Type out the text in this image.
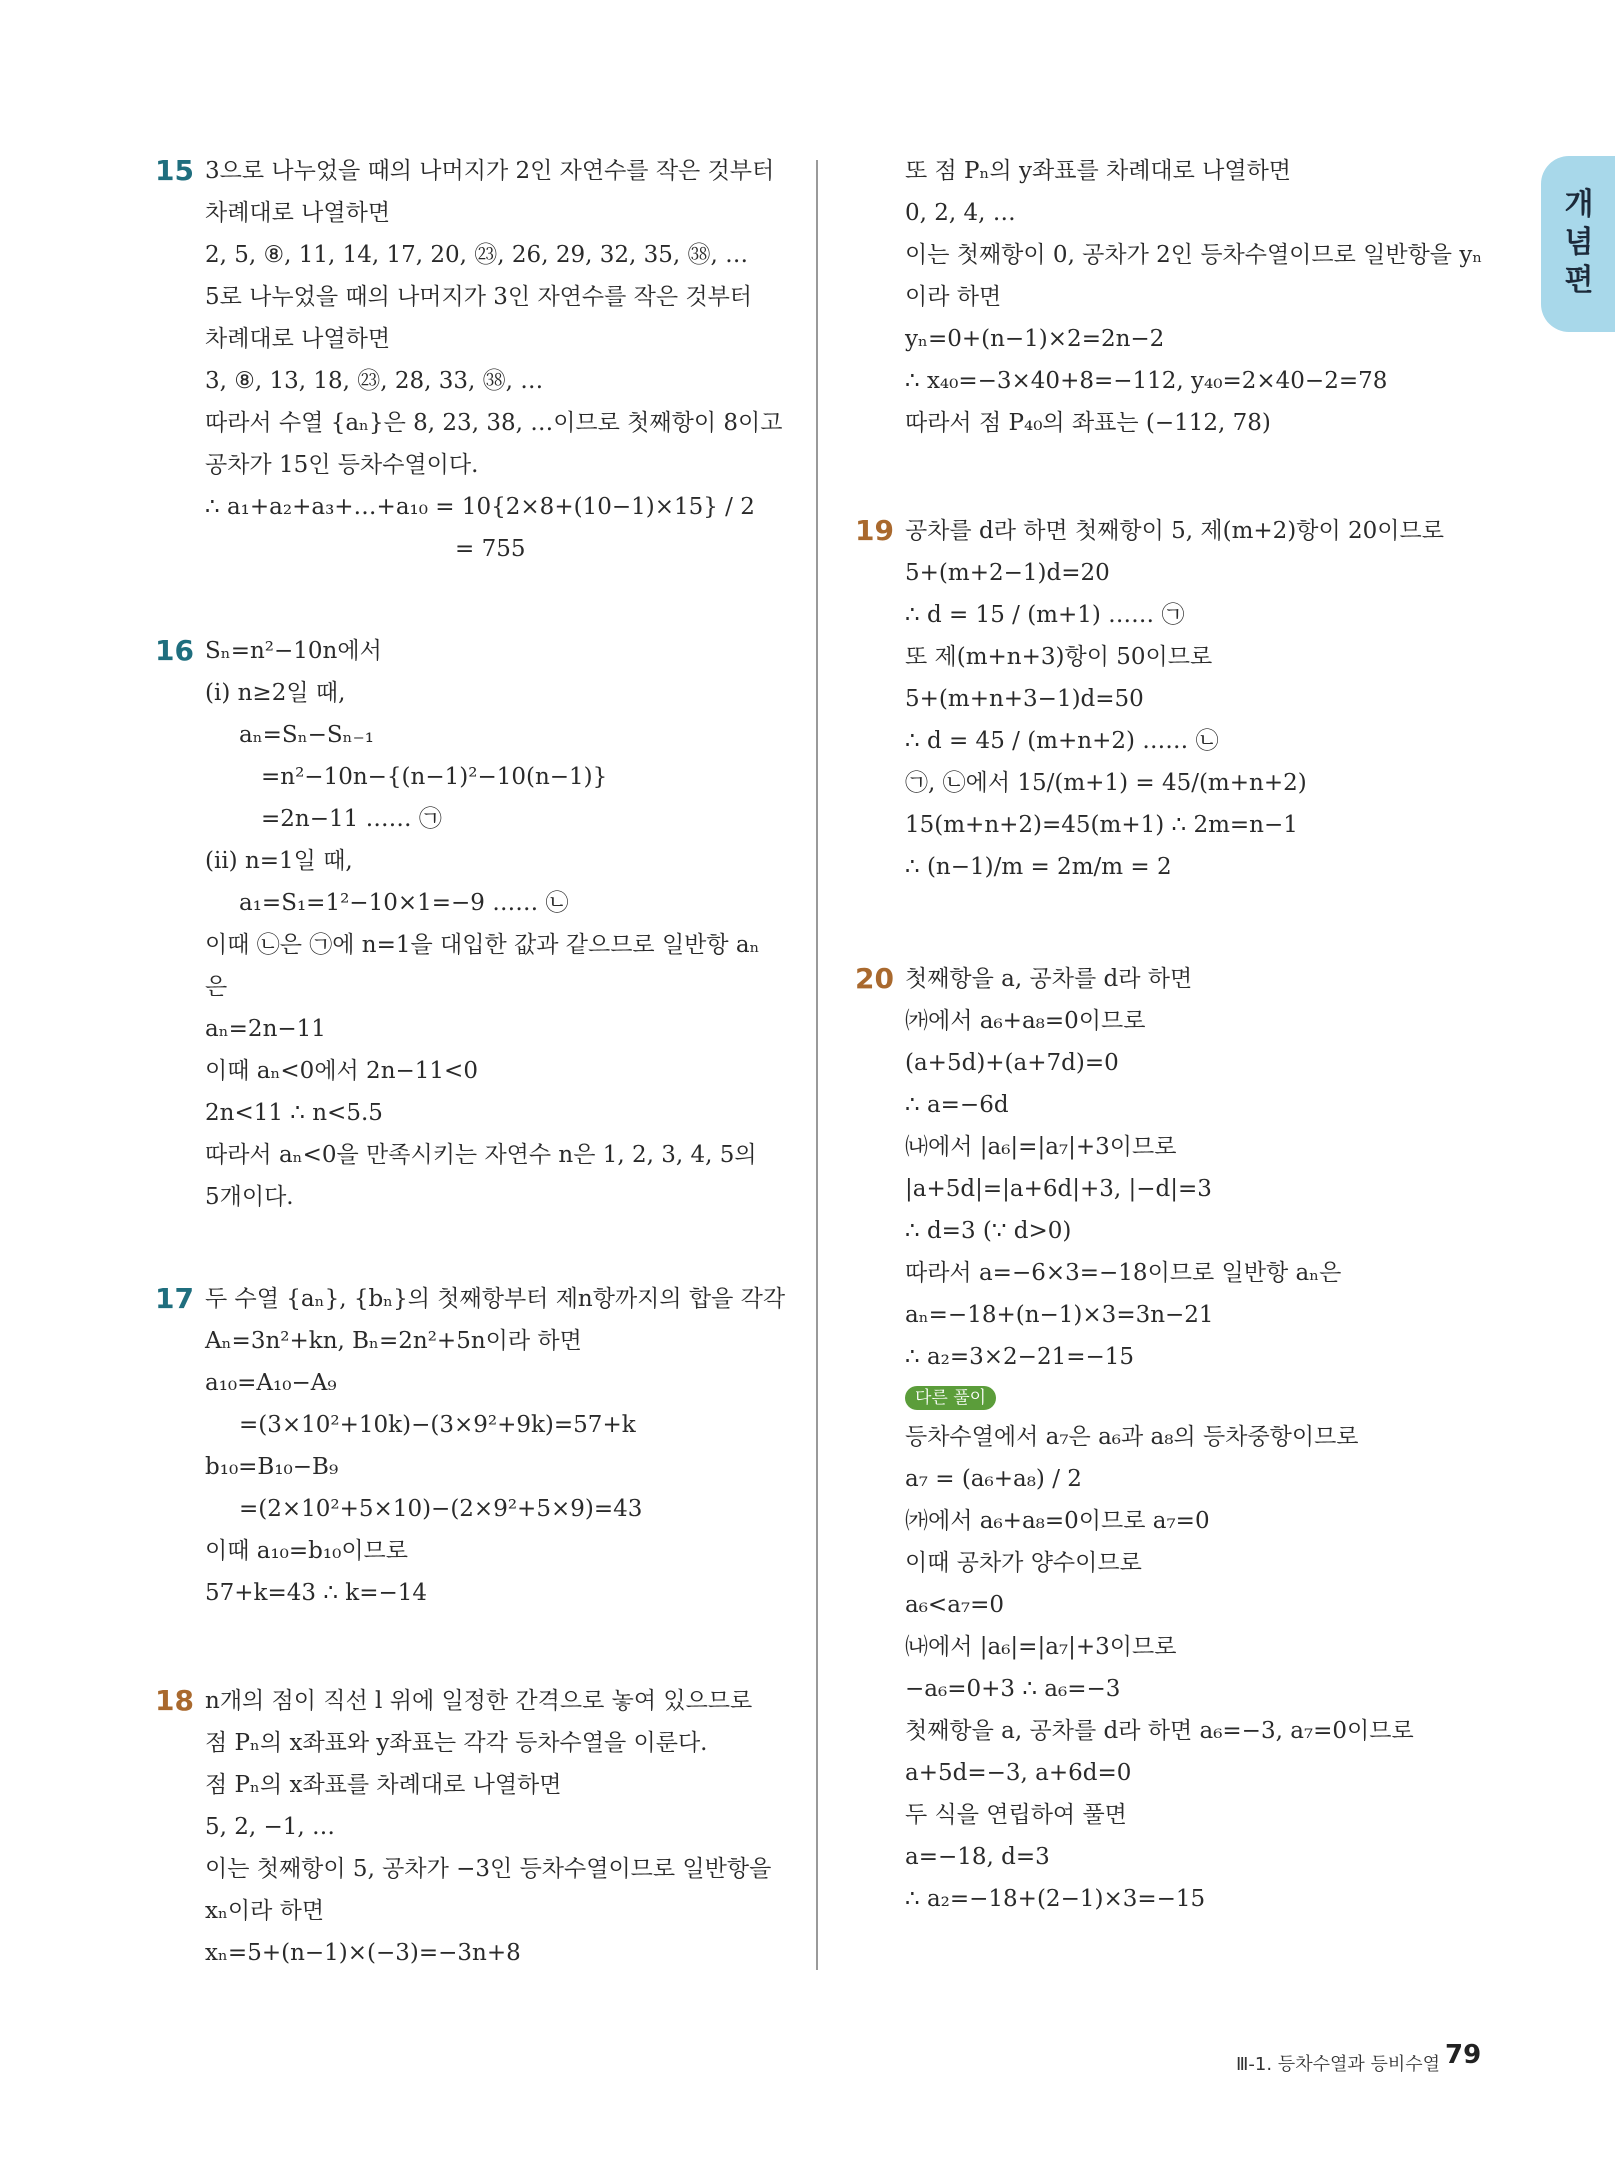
개념편
15 3으로 나누었을 때의 나머지가 2인 자연수를 작은 것부터
차례대로 나열하면
2, 5, ⑧, 11, 14, 17, 20, ㉓, 26, 29, 32, 35, ㊳, …
5로 나누었을 때의 나머지가 3인 자연수를 작은 것부터
차례대로 나열하면
3, ⑧, 13, 18, ㉓, 28, 33, ㊳, …
따라서 수열 {aₙ}은 8, 23, 38, …이므로 첫째항이 8이고
공차가 15인 등차수열이다.
∴ a₁+a₂+a₃+…+a₁₀ = 10{2×8+(10−1)×15} / 2
= 755
16 Sₙ=n²−10n에서
(ⅰ) n≥2일 때,
aₙ=Sₙ−Sₙ₋₁
=n²−10n−{(n−1)²−10(n−1)}
=2n−11 …… ㉠
(ⅱ) n=1일 때,
a₁=S₁=1²−10×1=−9 …… ㉡
이때 ㉡은 ㉠에 n=1을 대입한 값과 같으므로 일반항 aₙ
은
aₙ=2n−11
이때 aₙ<0에서 2n−11<0
2n<11 ∴ n<5.5
따라서 aₙ<0을 만족시키는 자연수 n은 1, 2, 3, 4, 5의
5개이다.
17 두 수열 {aₙ}, {bₙ}의 첫째항부터 제n항까지의 합을 각각
Aₙ=3n²+kn, Bₙ=2n²+5n이라 하면
a₁₀=A₁₀−A₉
=(3×10²+10k)−(3×9²+9k)=57+k
b₁₀=B₁₀−B₉
=(2×10²+5×10)−(2×9²+5×9)=43
이때 a₁₀=b₁₀이므로
57+k=43 ∴ k=−14
18 n개의 점이 직선 l 위에 일정한 간격으로 놓여 있으므로
점 Pₙ의 x좌표와 y좌표는 각각 등차수열을 이룬다.
점 Pₙ의 x좌표를 차례대로 나열하면
5, 2, −1, …
이는 첫째항이 5, 공차가 −3인 등차수열이므로 일반항을
xₙ이라 하면
xₙ=5+(n−1)×(−3)=−3n+8
또 점 Pₙ의 y좌표를 차례대로 나열하면
0, 2, 4, …
이는 첫째항이 0, 공차가 2인 등차수열이므로 일반항을 yₙ
이라 하면
yₙ=0+(n−1)×2=2n−2
∴ x₄₀=−3×40+8=−112, y₄₀=2×40−2=78
따라서 점 P₄₀의 좌표는 (−112, 78)
19 공차를 d라 하면 첫째항이 5, 제(m+2)항이 20이므로
5+(m+2−1)d=20
∴ d = 15 / (m+1) …… ㉠
또 제(m+n+3)항이 50이므로
5+(m+n+3−1)d=50
∴ d = 45 / (m+n+2) …… ㉡
㉠, ㉡에서 15/(m+1) = 45/(m+n+2)
15(m+n+2)=45(m+1) ∴ 2m=n−1
∴ (n−1)/m = 2m/m = 2
20 첫째항을 a, 공차를 d라 하면
㈎에서 a₆+a₈=0이므로
(a+5d)+(a+7d)=0
∴ a=−6d
㈏에서 |a₆|=|a₇|+3이므로
|a+5d|=|a+6d|+3, |−d|=3
∴ d=3 (∵ d>0)
따라서 a=−6×3=−18이므로 일반항 aₙ은
aₙ=−18+(n−1)×3=3n−21
∴ a₂=3×2−21=−15
다른 풀이
등차수열에서 a₇은 a₆과 a₈의 등차중항이므로
a₇ = (a₆+a₈) / 2
㈎에서 a₆+a₈=0이므로 a₇=0
이때 공차가 양수이므로
a₆<a₇=0
㈏에서 |a₆|=|a₇|+3이므로
−a₆=0+3 ∴ a₆=−3
첫째항을 a, 공차를 d라 하면 a₆=−3, a₇=0이므로
a+5d=−3, a+6d=0
두 식을 연립하여 풀면
a=−18, d=3
∴ a₂=−18+(2−1)×3=−15
Ⅲ-1. 등차수열과 등비수열 79
